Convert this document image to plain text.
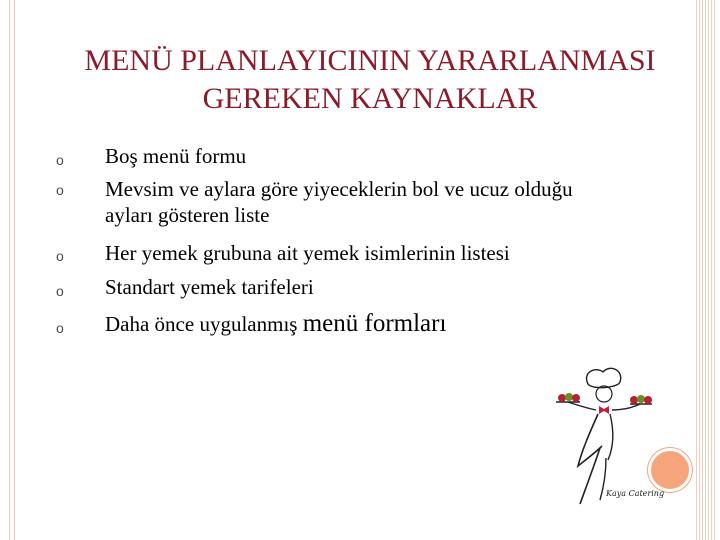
MENÜ PLANLAYICININ YARARLANMASI
GEREKEN KAYNAKLAR
o Boş menü formu
o Mevsim ve aylara göre yiyeceklerin bol ve ucuz olduğu
ayları gösteren liste
o Her yemek grubuna ait yemek isimlerinin listesi
o Standart yemek tarifeleri
o Daha önce uygulanmış menü formları
Kaya Catering
